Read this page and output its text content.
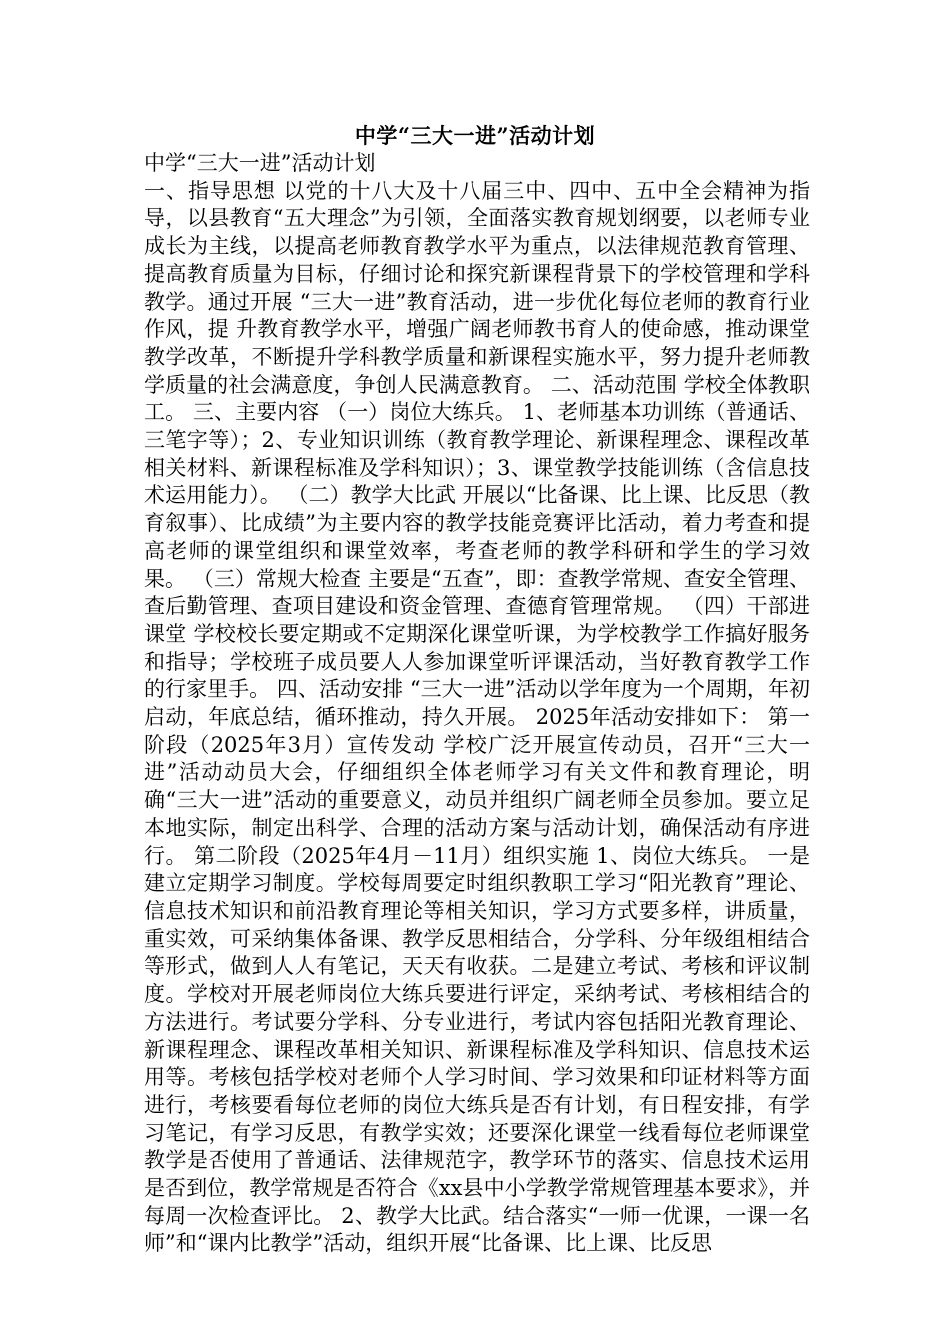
中学“三大一进”活动计划

中学“三大一进”活动计划

一、指导思想 以党的十八大及十八届三中、四中、五中全会精神为指导，以县教育“五大理念”为引领，全面落实教育规划纲要，以老师专业成长为主线，以提高老师教育教学水平为重点，以法律规范教育管理、提高教育质量为目标，仔细讨论和探究新课程背景下的学校管理和学科教学。通过开展 “三大一进”教育活动，进一步优化每位老师的教育行业作风，提 升教育教学水平，增强广阔老师教书育人的使命感，推动课堂教学改革，不断提升学科教学质量和新课程实施水平，努力提升老师教学质量的社会满意度，争创人民满意教育。 二、活动范围 学校全体教职工。 三、主要内容 （一）岗位大练兵。 1、老师基本功训练（普通话、三笔字等）；2、专业知识训练（教育教学理论、新课程理念、课程改革相关材料、新课程标准及学科知识）；3、课堂教学技能训练（含信息技术运用能力）。 （二）教学大比武 开展以“比备课、比上课、比反思（教育叙事）、比成绩”为主要内容的教学技能竞赛评比活动，着力考查和提高老师的课堂组织和课堂效率，考查老师的教学科研和学生的学习效果。 （三）常规大检查 主要是“五查”，即：查教学常规、查安全管理、查后勤管理、查项目建设和资金管理、查德育管理常规。 （四）干部进课堂 学校校长要定期或不定期深化课堂听课，为学校教学工作搞好服务和指导；学校班子成员要人人参加课堂听评课活动，当好教育教学工作的行家里手。 四、活动安排 “三大一进”活动以学年度为一个周期，年初启动，年底总结，循环推动，持久开展。 2025年活动安排如下： 第一阶段（2025年3月）宣传发动 学校广泛开展宣传动员，召开“三大一进”活动动员大会，仔细组织全体老师学习有关文件和教育理论，明确“三大一进”活动的重要意义，动员并组织广阔老师全员参加。要立足本地实际，制定出科学、合理的活动方案与活动计划，确保活动有序进行。 第二阶段（2025年4月－11月）组织实施 1、岗位大练兵。 一是建立定期学习制度。学校每周要定时组织教职工学习“阳光教育”理论、信息技术知识和前沿教育理论等相关知识，学习方式要多样，讲质量，重实效，可采纳集体备课、教学反思相结合，分学科、分年级组相结合等形式，做到人人有笔记，天天有收获。二是建立考试、考核和评议制度。学校对开展老师岗位大练兵要进行评定，采纳考试、考核相结合的方法进行。考试要分学科、分专业进行，考试内容包括阳光教育理论、新课程理念、课程改革相关知识、新课程标准及学科知识、信息技术运用等。考核包括学校对老师个人学习时间、学习效果和印证材料等方面进行，考核要看每位老师的岗位大练兵是否有计划，有日程安排，有学习笔记，有学习反思，有教学实效；还要深化课堂一线看每位老师课堂教学是否使用了普通话、法律规范字，教学环节的落实、信息技术运用是否到位，教学常规是否符合《xx县中小学教学常规管理基本要求》，并每周一次检查评比。 2、教学大比武。结合落实“一师一优课，一课一名师”和“课内比教学”活动，组织开展“比备课、比上课、比反思
